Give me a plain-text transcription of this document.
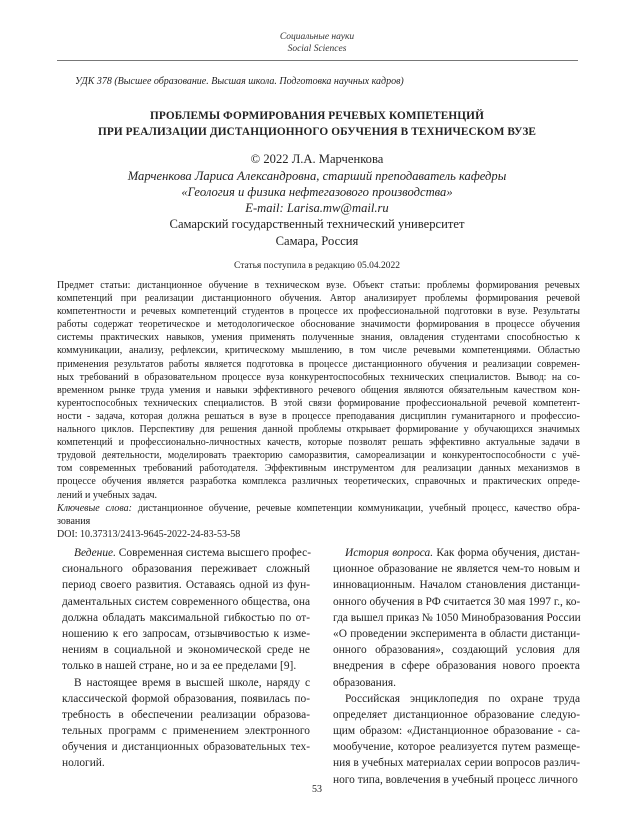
Социальные науки
Social Sciences
УДК 378 (Высшее образование. Высшая школа. Подготовка научных кадров)
ПРОБЛЕМЫ ФОРМИРОВАНИЯ РЕЧЕВЫХ КОМПЕТЕНЦИЙ
ПРИ РЕАЛИЗАЦИИ ДИСТАНЦИОННОГО ОБУЧЕНИЯ В ТЕХНИЧЕСКОМ ВУЗЕ
© 2022 Л.А. Марченкова
Марченкова Лариса Александровна, старший преподаватель кафедры
«Геология и физика нефтегазового производства»
E-mail: Larisa.mw@mail.ru
Самарский государственный технический университет
Самара, Россия
Статья поступила в редакцию 05.04.2022
Предмет статьи: дистанционное обучение в техническом вузе. Объект статьи: проблемы формирования речевых
компетенций при реализации дистанционного обучения. Автор анализирует проблемы формирования речевой
компетентности и речевых компетенций студентов в процессе их профессиональной подготовки в вузе. Результаты
работы содержат теоретическое и методологическое обоснование значимости формирования в процессе обучения
системы практических навыков, умения применять полученные знания, овладения студентами способностью к
коммуникации, анализу, рефлексии, критическому мышлению, в том числе речевыми компетенциями. Областью
применения результатов работы является подготовка в процессе дистанционного обучения и реализации современ-
ных требований в образовательном процессе вуза конкурентоспособных технических специалистов. Вывод: на со-
временном рынке труда умения и навыки эффективного речевого общения являются обязательным качеством кон-
курентоспособных технических специалистов. В этой связи формирование профессиональной речевой компетент-
ности - задача, которая должна решаться в вузе в процессе преподавания дисциплин гуманитарного и профессио-
нального циклов. Перспективу для решения данной проблемы открывает формирование у обучающихся значимых
компетенций и профессионально-личностных качеств, которые позволят решать эффективно актуальные задачи в
трудовой деятельности, моделировать траекторию саморазвития, самореализации и конкурентоспособности с учё-
том современных требований работодателя. Эффективным инструментом для реализации данных механизмов в
процессе обучения является разработка комплекса различных теоретических, справочных и практических опреде-
лений и учебных задач.
Ключевые слова: дистанционное обучение, речевые компетенции коммуникации, учебный процесс, качество обра-
зования
DOI: 10.37313/2413-9645-2022-24-83-53-58
Ведение. Современная система высшего профес-
сионального образования переживает сложный
период своего развития. Оставаясь одной из фун-
даментальных систем современного общества, она
должна обладать максимальной гибкостью по от-
ношению к его запросам, отзывчивостью к изме-
нениям в социальной и экономической среде не
только в нашей стране, но и за ее пределами [9].
В настоящее время в высшей школе, наряду с
классической формой образования, появилась по-
требность в обеспечении реализации образова-
тельных программ с применением электронного
обучения и дистанционных образовательных тех-
нологий.
История вопроса. Как форма обучения, дистан-
ционное образование не является чем-то новым и
инновационным. Началом становления дистанци-
онного обучения в РФ считается 30 мая 1997 г., ко-
гда вышел приказ № 1050 Минобразования России
«О проведении эксперимента в области дистанци-
онного образования», создающий условия для
внедрения в сфере образования нового проекта
образования.
Российская энциклопедия по охране труда
определяет дистанционное образование следую-
щим образом: «Дистанционное образование - са-
мообучение, которое реализуется путем размеще-
ния в учебных материалах серии вопросов различ-
ного типа, вовлечения в учебный процесс личного
53
